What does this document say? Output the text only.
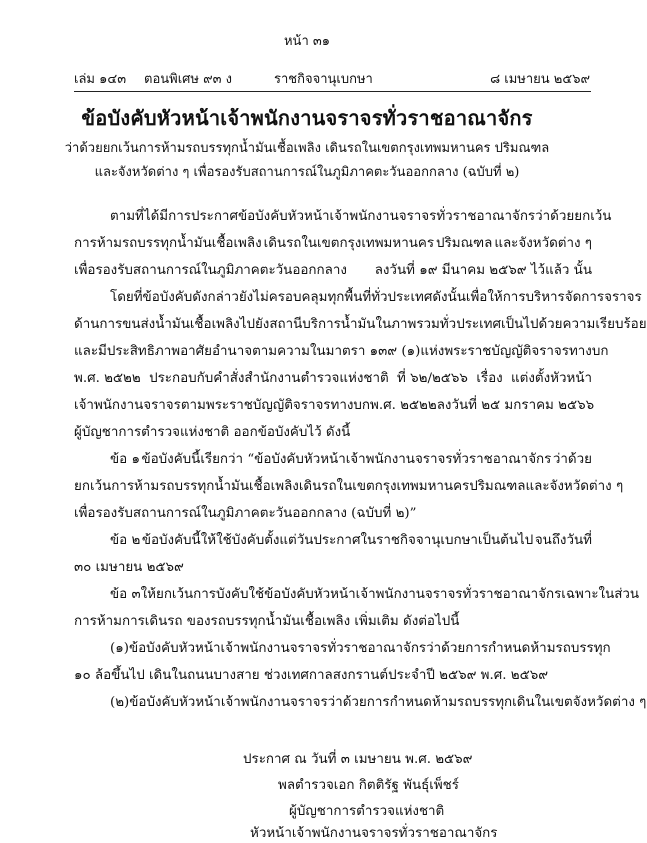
หน้า ๓๑
เล่ม ๑๔๓ ตอนพิเศษ ๙๓ ง	ราชกิจจานุเบกษา	๘ เมษายน ๒๕๖๙
ข้อบังคับหัวหน้าเจ้าพนักงานจราจรทั่วราชอาณาจักร
ว่าด้วยยกเว้นการห้ามรถบรรทุกน้ำมันเชื้อเพลิง เดินรถในเขตกรุงเทพมหานคร ปริมณฑล
และจังหวัดต่าง ๆ เพื่อรองรับสถานการณ์ในภูมิภาคตะวันออกกลาง (ฉบับที่ ๒)
ตามที่ได้มีการประกาศข้อบังคับหัวหน้าเจ้าพนักงานจราจรทั่วราชอาณาจักร ว่าด้วยยกเว้น
การห้ามรถบรรทุกน้ำมันเชื้อเพลิง เดินรถในเขตกรุงเทพมหานคร ปริมณฑล และจังหวัดต่าง ๆ
เพื่อรองรับสถานการณ์ในภูมิภาคตะวันออกกลาง ลงวันที่ ๑๙ มีนาคม ๒๕๖๙ ไว้แล้ว นั้น
โดยที่ข้อบังคับดังกล่าวยังไม่ครอบคลุมทุกพื้นที่ทั่วประเทศ ดังนั้น เพื่อให้การบริหารจัดการจราจร
ด้านการขนส่งน้ำมันเชื้อเพลิงไปยังสถานีบริการน้ำมัน ในภาพรวมทั่วประเทศเป็นไปด้วยความเรียบร้อย
และมีประสิทธิภาพ อาศัยอำนาจตามความในมาตรา ๑๓๙ (๑) แห่งพระราชบัญญัติจราจรทางบก
พ.ศ. ๒๕๒๒ ประกอบกับคำสั่งสำนักงานตำรวจแห่งชาติ ที่ ๖๒/๒๕๖๖ เรื่อง แต่งตั้งหัวหน้า
เจ้าพนักงานจราจรตามพระราชบัญญัติจราจรทางบก พ.ศ. ๒๕๒๒ ลงวันที่ ๒๕ มกราคม ๒๕๖๖
ผู้บัญชาการตำรวจแห่งชาติ ออกข้อบังคับไว้ ดังนี้
ข้อ ๑ ข้อบังคับนี้เรียกว่า “ข้อบังคับหัวหน้าเจ้าพนักงานจราจรทั่วราชอาณาจักร ว่าด้วย
ยกเว้นการห้ามรถบรรทุกน้ำมันเชื้อเพลิง เดินรถในเขตกรุงเทพมหานคร ปริมณฑลและจังหวัดต่าง ๆ
เพื่อรองรับสถานการณ์ในภูมิภาคตะวันออกกลาง (ฉบับที่ ๒)”
ข้อ ๒ ข้อบังคับนี้ให้ใช้บังคับตั้งแต่วันประกาศในราชกิจจานุเบกษาเป็นต้นไป จนถึงวันที่
๓๐ เมษายน ๒๕๖๙
ข้อ ๓ ให้ยกเว้นการบังคับใช้ข้อบังคับหัวหน้าเจ้าพนักงานจราจรทั่วราชอาณาจักร เฉพาะในส่วน
การห้ามการเดินรถ ของรถบรรทุกน้ำมันเชื้อเพลิง เพิ่มเติม ดังต่อไปนี้
(๑) ข้อบังคับหัวหน้าเจ้าพนักงานจราจรทั่วราชอาณาจักรว่าด้วยการกำหนดห้ามรถบรรทุก
๑๐ ล้อขึ้นไป เดินในถนนบางสาย ช่วงเทศกาลสงกรานต์ประจำปี ๒๕๖๙ พ.ศ. ๒๕๖๙
(๒) ข้อบังคับหัวหน้าเจ้าพนักงานจราจร ว่าด้วยการกำหนดห้ามรถบรรทุกเดินในเขตจังหวัดต่าง ๆ
ประกาศ ณ วันที่ ๓ เมษายน พ.ศ. ๒๕๖๙
พลตำรวจเอก กิตติรัฐ พันธุ์เพ็ชร์
ผู้บัญชาการตำรวจแห่งชาติ
หัวหน้าเจ้าพนักงานจราจรทั่วราชอาณาจักร
